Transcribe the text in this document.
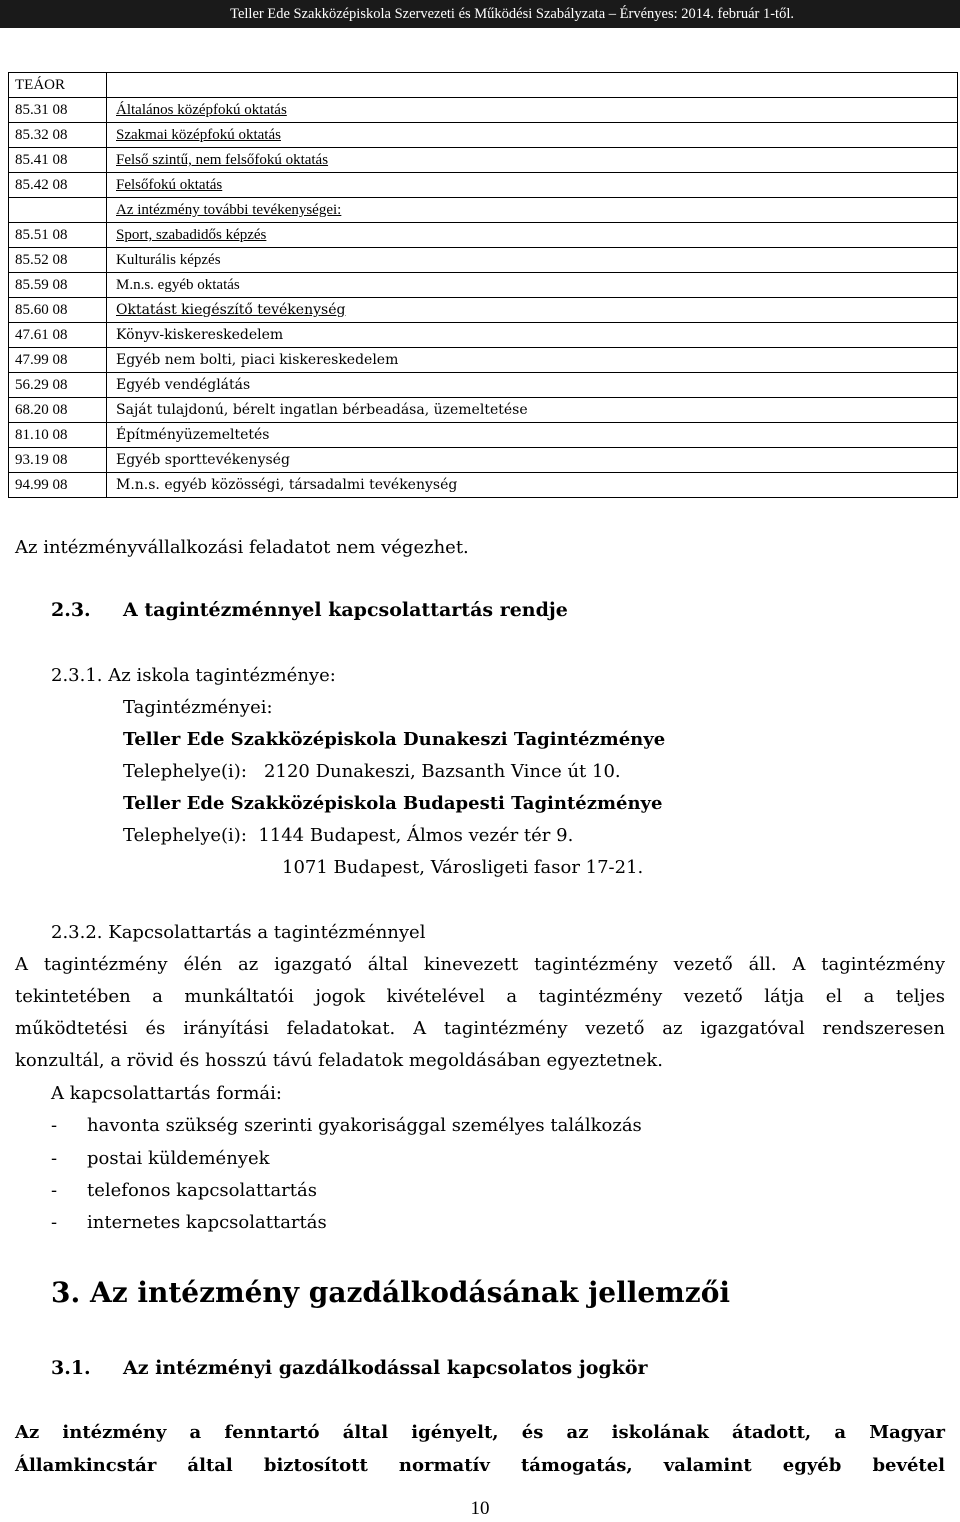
Teller Ede Szakközépiskola Szervezeti és Működési Szabályzata – Érvényes: 2014. február 1-től.
TEÁOR	
85.31 08	Általános középfokú oktatás
85.32 08	Szakmai középfokú oktatás
85.41 08	Felső szintű, nem felsőfokú oktatás
85.42 08	Felsőfokú oktatás
	Az intézmény további tevékenységei:
85.51 08	Sport, szabadidős képzés
85.52 08	Kulturális képzés
85.59 08	M.n.s. egyéb oktatás
85.60 08	Oktatást kiegészítő tevékenység
47.61 08	Könyv-kiskereskedelem
47.99 08	Egyéb nem bolti, piaci kiskereskedelem
56.29 08	Egyéb vendéglátás
68.20 08	Saját tulajdonú, bérelt ingatlan bérbeadása, üzemeltetése
81.10 08	Építményüzemeltetés
93.19 08	Egyéb sporttevékenység
94.99 08	M.n.s. egyéb közösségi, társadalmi tevékenység

Az intézményvállalkozási feladatot nem végezhet.

2.3. A tagintézménnyel kapcsolattartás rendje

2.3.1. Az iskola tagintézménye:

Tagintézményei:

Teller Ede Szakközépiskola Dunakeszi Tagintézménye

Telephelye(i):   2120 Dunakeszi, Bazsanth Vince út 10.

Teller Ede Szakközépiskola Budapesti Tagintézménye

Telephelye(i):  1144 Budapest, Álmos vezér tér 9.

1071 Budapest, Városligeti fasor 17-21.

2.3.2. Kapcsolattartás a tagintézménnyel

A tagintézmény élén az igazgató által kinevezett tagintézmény vezető áll. A tagintézmény

tekintetében a munkáltatói jogok kivételével a tagintézmény vezető látja el a teljes

működtetési és irányítási feladatokat. A tagintézmény vezető az igazgatóval rendszeresen

konzultál, a rövid és hosszú távú feladatok megoldásában egyeztetnek.

A kapcsolattartás formái:

- havonta szükség szerinti gyakorisággal személyes találkozás

- postai küldemények

- telefonos kapcsolattartás

- internetes kapcsolattartás

3. Az intézmény gazdálkodásának jellemzői

3.1. Az intézményi gazdálkodással kapcsolatos jogkör

Az intézmény a fenntartó által igényelt, és az iskolának átadott, a Magyar

Államkincstár által biztosított normatív támogatás, valamint egyéb bevétel

10
